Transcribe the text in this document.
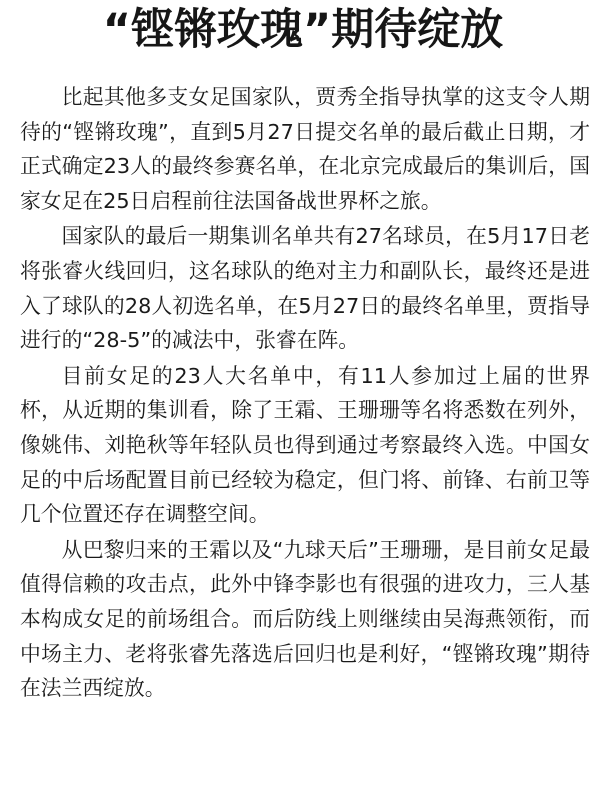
“铿锵玫瑰”期待绽放

比起其他多支女足国家队，贾秀全指导执掌的这支令人期待的“铿锵玫瑰”，直到5月27日提交名单的最后截止日期，才正式确定23人的最终参赛名单，在北京完成最后的集训后，国家女足在25日启程前往法国备战世界杯之旅。

国家队的最后一期集训名单共有27名球员，在5月17日老将张睿火线回归，这名球队的绝对主力和副队长，最终还是进入了球队的28人初选名单，在5月27日的最终名单里，贾指导进行的“28-5”的减法中，张睿在阵。

目前女足的23人大名单中，有11人参加过上届的世界杯，从近期的集训看，除了王霜、王珊珊等名将悉数在列外，像姚伟、刘艳秋等年轻队员也得到通过考察最终入选。中国女足的中后场配置目前已经较为稳定，但门将、前锋、右前卫等几个位置还存在调整空间。

从巴黎归来的王霜以及“九球天后”王珊珊，是目前女足最值得信赖的攻击点，此外中锋李影也有很强的进攻力，三人基本构成女足的前场组合。而后防线上则继续由吴海燕领衔，而中场主力、老将张睿先落选后回归也是利好，“铿锵玫瑰”期待在法兰西绽放。
